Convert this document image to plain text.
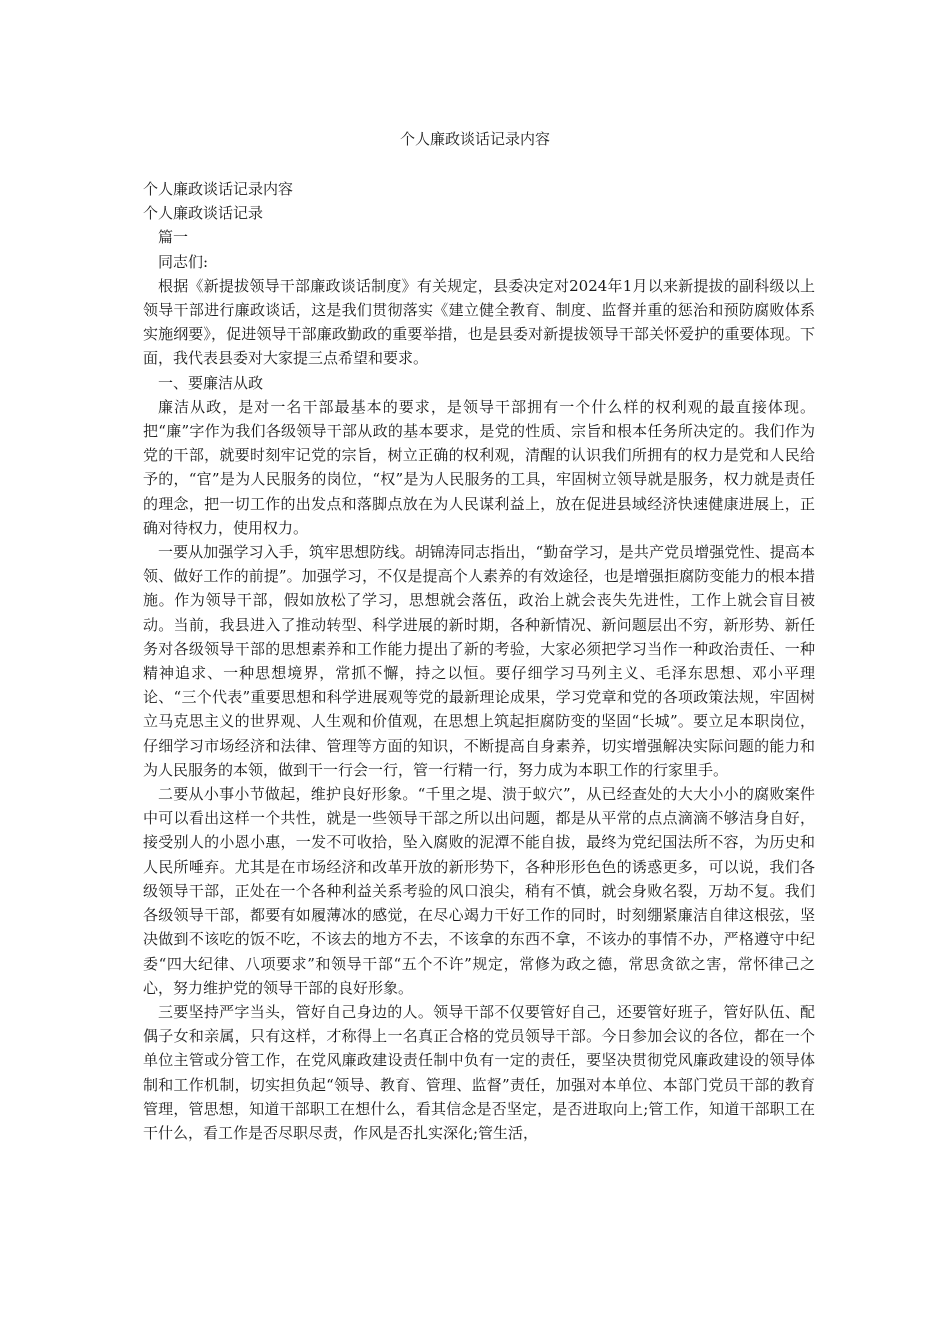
个人廉政谈话记录内容

个人廉政谈话记录内容

个人廉政谈话记录

篇一

同志们:

根据《新提拔领导干部廉政谈话制度》有关规定，县委决定对2024年1月以来新提拔的副科级以上领导干部进行廉政谈话，这是我们贯彻落实《建立健全教育、制度、监督并重的惩治和预防腐败体系实施纲要》，促进领导干部廉政勤政的重要举措，也是县委对新提拔领导干部关怀爱护的重要体现。下面，我代表县委对大家提三点希望和要求。

一、要廉洁从政

廉洁从政，是对一名干部最基本的要求，是领导干部拥有一个什么样的权利观的最直接体现。把“廉”字作为我们各级领导干部从政的基本要求，是党的性质、宗旨和根本任务所决定的。我们作为党的干部，就要时刻牢记党的宗旨，树立正确的权利观，清醒的认识我们所拥有的权力是党和人民给予的，“官”是为人民服务的岗位，“权”是为人民服务的工具，牢固树立领导就是服务，权力就是责任的理念，把一切工作的出发点和落脚点放在为人民谋利益上，放在促进县域经济快速健康进展上，正确对待权力，使用权力。

一要从加强学习入手，筑牢思想防线。胡锦涛同志指出，“勤奋学习，是共产党员增强党性、提高本领、做好工作的前提”。加强学习，不仅是提高个人素养的有效途径，也是增强拒腐防变能力的根本措施。作为领导干部，假如放松了学习，思想就会落伍，政治上就会丧失先进性，工作上就会盲目被动。当前，我县进入了推动转型、科学进展的新时期，各种新情况、新问题层出不穷，新形势、新任务对各级领导干部的思想素养和工作能力提出了新的考验，大家必须把学习当作一种政治责任、一种精神追求、一种思想境界，常抓不懈，持之以恒。要仔细学习马列主义、毛泽东思想、邓小平理论、“三个代表”重要思想和科学进展观等党的最新理论成果，学习党章和党的各项政策法规，牢固树立马克思主义的世界观、人生观和价值观，在思想上筑起拒腐防变的坚固“长城”。要立足本职岗位，仔细学习市场经济和法律、管理等方面的知识，不断提高自身素养，切实增强解决实际问题的能力和为人民服务的本领，做到干一行会一行，管一行精一行，努力成为本职工作的行家里手。

二要从小事小节做起，维护良好形象。“千里之堤、溃于蚁穴”，从已经查处的大大小小的腐败案件中可以看出这样一个共性，就是一些领导干部之所以出问题，都是从平常的点点滴滴不够洁身自好，接受别人的小恩小惠，一发不可收拾，坠入腐败的泥潭不能自拔，最终为党纪国法所不容，为历史和人民所唾弃。尤其是在市场经济和改革开放的新形势下，各种形形色色的诱惑更多，可以说，我们各级领导干部，正处在一个各种利益关系考验的风口浪尖，稍有不慎，就会身败名裂，万劫不复。我们各级领导干部，都要有如履薄冰的感觉，在尽心竭力干好工作的同时，时刻绷紧廉洁自律这根弦，坚决做到不该吃的饭不吃，不该去的地方不去，不该拿的东西不拿，不该办的事情不办，严格遵守中纪委“四大纪律、八项要求”和领导干部“五个不许”规定，常修为政之德，常思贪欲之害，常怀律己之心，努力维护党的领导干部的良好形象。

三要坚持严字当头，管好自己身边的人。领导干部不仅要管好自己，还要管好班子，管好队伍、配偶子女和亲属，只有这样，才称得上一名真正合格的党员领导干部。今日参加会议的各位，都在一个单位主管或分管工作，在党风廉政建设责任制中负有一定的责任，要坚决贯彻党风廉政建设的领导体制和工作机制，切实担负起“领导、教育、管理、监督”责任，加强对本单位、本部门党员干部的教育管理，管思想，知道干部职工在想什么，看其信念是否坚定，是否进取向上;管工作，知道干部职工在干什么，看工作是否尽职尽责，作风是否扎实深化;管生活，
